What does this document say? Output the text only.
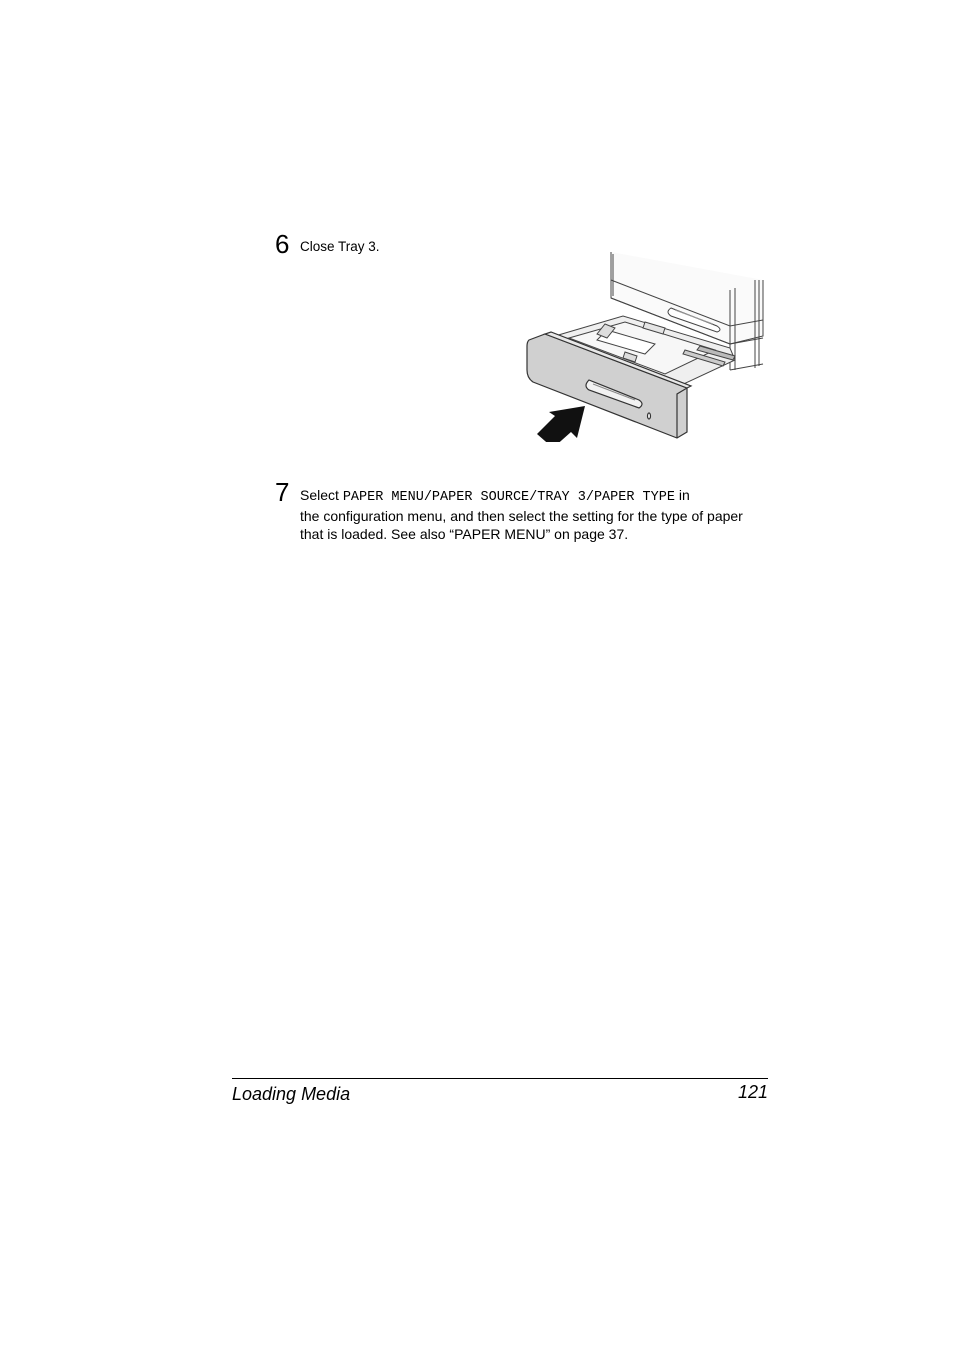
6 Close Tray 3.
7 Select PAPER MENU/PAPER SOURCE/TRAY 3/PAPER TYPE in
the configuration menu, and then select the setting for the type of paper
that is loaded. See also “PAPER MENU” on page 37.
Loading Media	121
